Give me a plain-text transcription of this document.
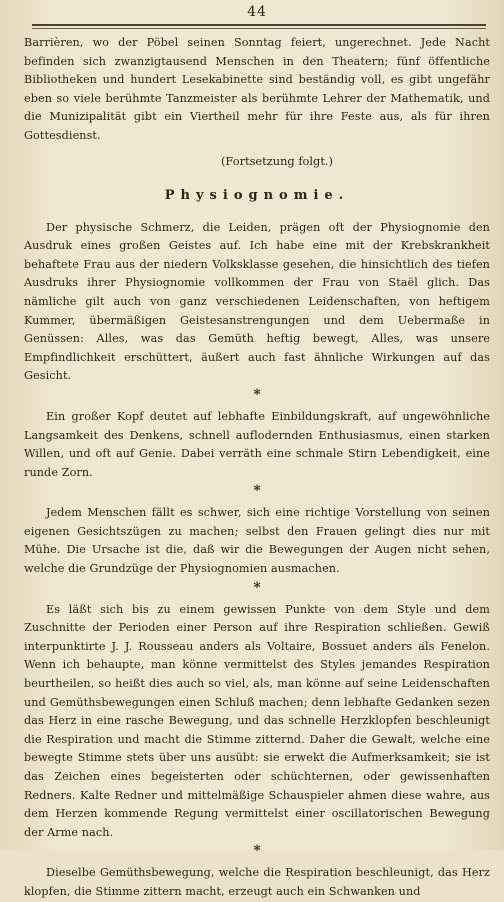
44

Barrièren, wo der Pöbel seinen Sonntag feiert, ungerechnet. Jede Nacht befinden sich zwanzigtausend Menschen in den Theatern; fünf öffentliche Bibliotheken und hundert Lesekabinette sind beständig voll, es gibt ungefähr eben so viele berühmte Tanzmeister als berühmte Lehrer der Mathematik, und die Munizipalität gibt ein Viertheil mehr für ihre Feste aus, als für ihren Gottesdienst.

(Fortsetzung folgt.)
Physiognomie.

Der physische Schmerz, die Leiden, prägen oft der Physiognomie den Ausdruk eines großen Geistes auf. Ich habe eine mit der Krebskrankheit behaftete Frau aus der niedern Volksklasse gesehen, die hinsichtlich des tiefen Ausdruks ihrer Physiognomie vollkommen der Frau von Staël glich. Das nämliche gilt auch von ganz verschiedenen Leidenschaften, von heftigem Kummer, übermäßigen Geistesanstrengungen und dem Uebermaße in Genüssen: Alles, was das Gemüth heftig bewegt, Alles, was unsere Empfindlichkeit erschüttert, äußert auch fast ähnliche Wirkungen auf das Gesicht.

*

Ein großer Kopf deutet auf lebhafte Einbildungskraft, auf ungewöhnliche Langsamkeit des Denkens, schnell auflodernden Enthusiasmus, einen starken Willen, und oft auf Genie. Dabei verräth eine schmale Stirn Lebendigkeit, eine runde Zorn.

*

Jedem Menschen fällt es schwer, sich eine richtige Vorstellung von seinen eigenen Gesichtszügen zu machen; selbst den Frauen gelingt dies nur mit Mühe. Die Ursache ist die, daß wir die Bewegungen der Augen nicht sehen, welche die Grundzüge der Physiognomien ausmachen.

*

Es läßt sich bis zu einem gewissen Punkte von dem Style und dem Zuschnitte der Perioden einer Person auf ihre Respiration schließen. Gewiß interpunktirte J. J. Rousseau anders als Voltaire, Bossuet anders als Fenelon. Wenn ich behaupte, man könne vermittelst des Styles jemandes Respiration beurtheilen, so heißt dies auch so viel, als, man könne auf seine Leidenschaften und Gemüthsbewegungen einen Schluß machen; denn lebhafte Gedanken sezen das Herz in eine rasche Bewegung, und das schnelle Herzklopfen beschleunigt die Respiration und macht die Stimme zitternd. Daher die Gewalt, welche eine bewegte Stimme stets über uns ausübt: sie erwekt die Aufmerksamkeit; sie ist das Zeichen eines begeisterten oder schüchternen, oder gewissenhaften Redners. Kalte Redner und mittelmäßige Schauspieler ahmen diese wahre, aus dem Herzen kommende Regung vermittelst einer oscillatorischen Bewegung der Arme nach.

*

Dieselbe Gemüthsbewegung, welche die Respiration beschleunigt, das Herz klopfen, die Stimme zittern macht, erzeugt auch ein Schwanken und
